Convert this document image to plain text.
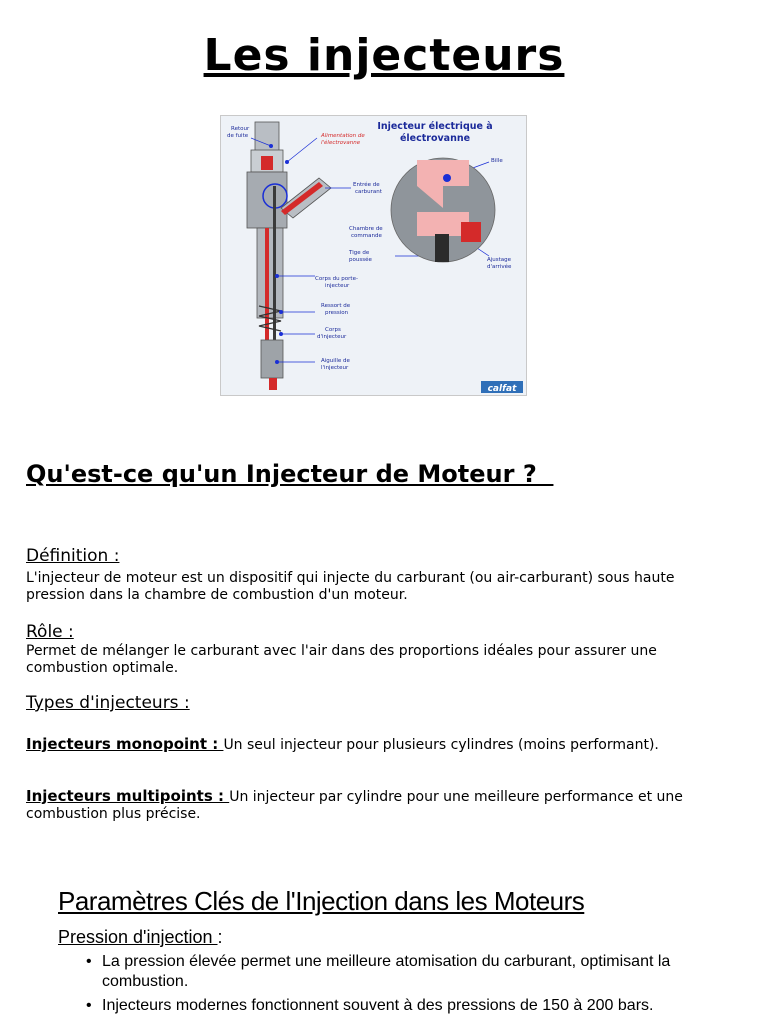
Les injecteurs
Injecteur électrique à
électrovanne
Retour
de fuite	Alimentation de
l'électrovanne
Entrée de
carburant
Bille
Chambre de
commande
Tige de
poussée	Ajustage
d'arrivée
Corps du porte-
injecteur
Ressort de
pression
Corps
d'injecteur
Aiguille de
l'injecteur
calfat
Qu'est-ce qu'un Injecteur de Moteur ?
Définition :
L'injecteur de moteur est un dispositif qui injecte du carburant (ou air-carburant) sous haute pression dans la chambre de combustion d'un moteur.
Rôle :
Permet de mélanger le carburant avec l'air dans des proportions idéales pour assurer une combustion optimale.
Types d'injecteurs :
Injecteurs monopoint : Un seul injecteur pour plusieurs cylindres (moins performant).
Injecteurs multipoints : Un injecteur par cylindre pour une meilleure performance et une combustion plus précise.
Paramètres Clés de l'Injection dans les Moteurs
Pression d'injection :
• La pression élevée permet une meilleure atomisation du carburant, optimisant la combustion.
• Injecteurs modernes fonctionnent souvent à des pressions de 150 à 200 bars.
